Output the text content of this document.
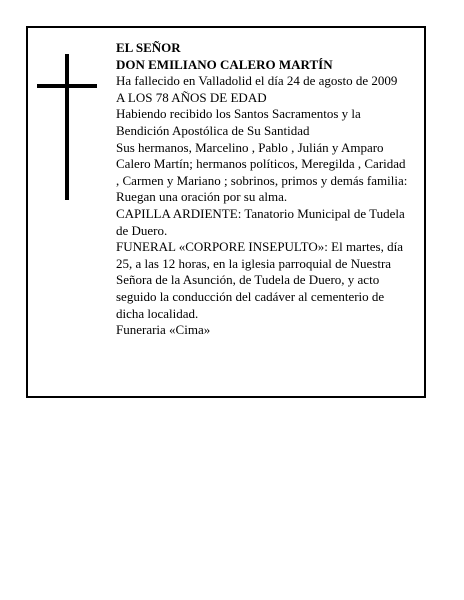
EL SEÑOR
DON EMILIANO CALERO MARTÍN
Ha fallecido en Valladolid el día 24 de agosto de 2009
A LOS 78 AÑOS DE EDAD
Habiendo recibido los Santos Sacramentos y la
Bendición Apostólica de Su Santidad
Sus hermanos, Marcelino , Pablo , Julián y Amparo
Calero Martín; hermanos políticos, Meregilda , Caridad
, Carmen y Mariano ; sobrinos, primos y demás familia:
Ruegan una oración por su alma.
CAPILLA ARDIENTE: Tanatorio Municipal de Tudela
de Duero.
FUNERAL «CORPORE INSEPULTO»: El martes, día
25, a las 12 horas, en la iglesia parroquial de Nuestra
Señora de la Asunción, de Tudela de Duero, y acto
seguido la conducción del cadáver al cementerio de
dicha localidad.
Funeraria «Cima»
